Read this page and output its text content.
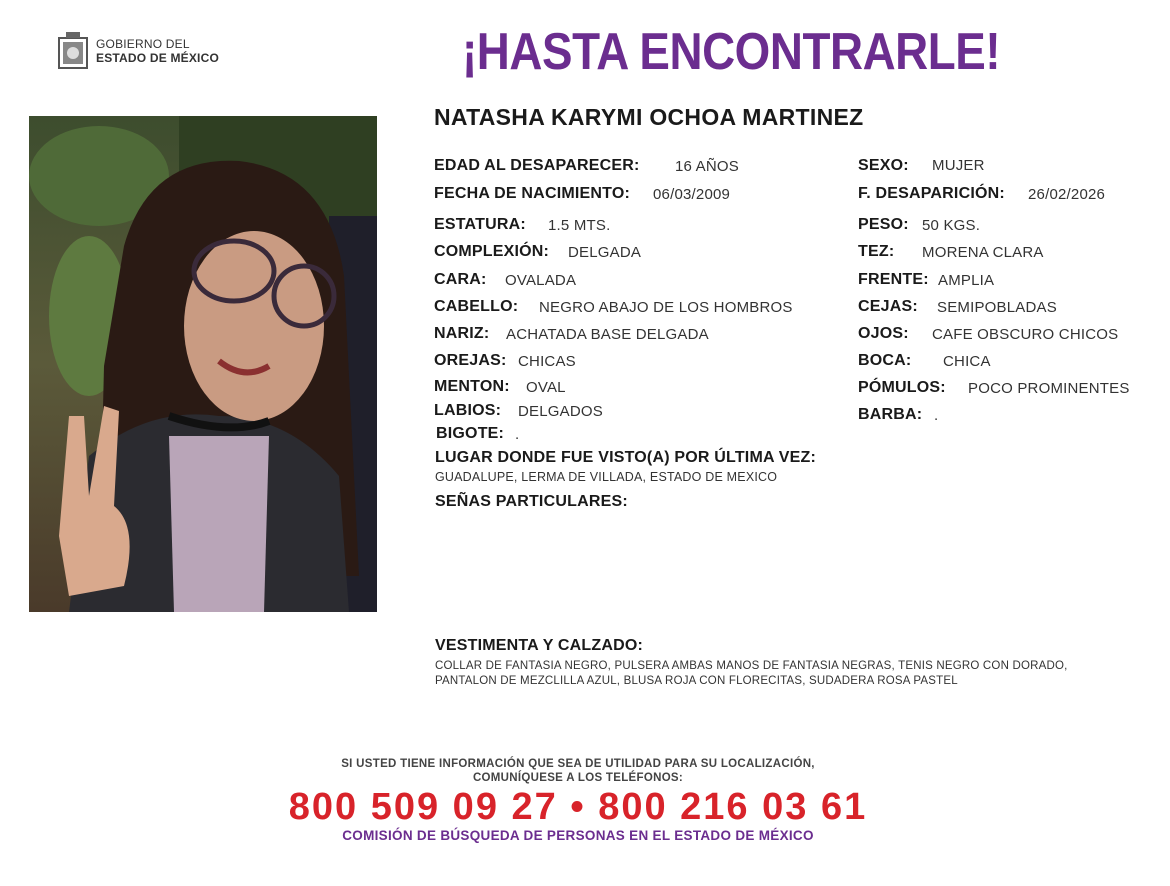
GOBIERNO DEL
ESTADO DE MÉXICO	¡HASTA ENCONTRARLE!
NATASHA KARYMI OCHOA MARTINEZ
EDAD AL DESAPARECER: 16 AÑOS
FECHA DE NACIMIENTO: 06/03/2009
ESTATURA: 1.5 MTS.
COMPLEXIÓN: DELGADA
CARA: OVALADA
CABELLO: NEGRO ABAJO DE LOS HOMBROS
NARIZ: ACHATADA BASE DELGADA
OREJAS: CHICAS
MENTON: OVAL
LABIOS: DELGADOS
BIGOTE: .
SEXO: MUJER
F. DESAPARICIÓN: 26/02/2026
PESO: 50 KGS.
TEZ: MORENA CLARA
FRENTE: AMPLIA
CEJAS: SEMIPOBLADAS
OJOS: CAFE OBSCURO CHICOS
BOCA: CHICA
PÓMULOS: POCO PROMINENTES
BARBA: .
LUGAR DONDE FUE VISTO(A) POR ÚLTIMA VEZ:
GUADALUPE, LERMA DE VILLADA, ESTADO DE MEXICO
SEÑAS PARTICULARES:
VESTIMENTA Y CALZADO:
COLLAR DE FANTASIA NEGRO, PULSERA AMBAS MANOS DE FANTASIA NEGRAS, TENIS NEGRO CON DORADO,
PANTALON DE MEZCLILLA AZUL, BLUSA ROJA CON FLORECITAS, SUDADERA ROSA PASTEL
SI USTED TIENE INFORMACIÓN QUE SEA DE UTILIDAD PARA SU LOCALIZACIÓN,
COMUNÍQUESE A LOS TELÉFONOS:
800 509 09 27 • 800 216 03 61
COMISIÓN DE BÚSQUEDA DE PERSONAS EN EL ESTADO DE MÉXICO
